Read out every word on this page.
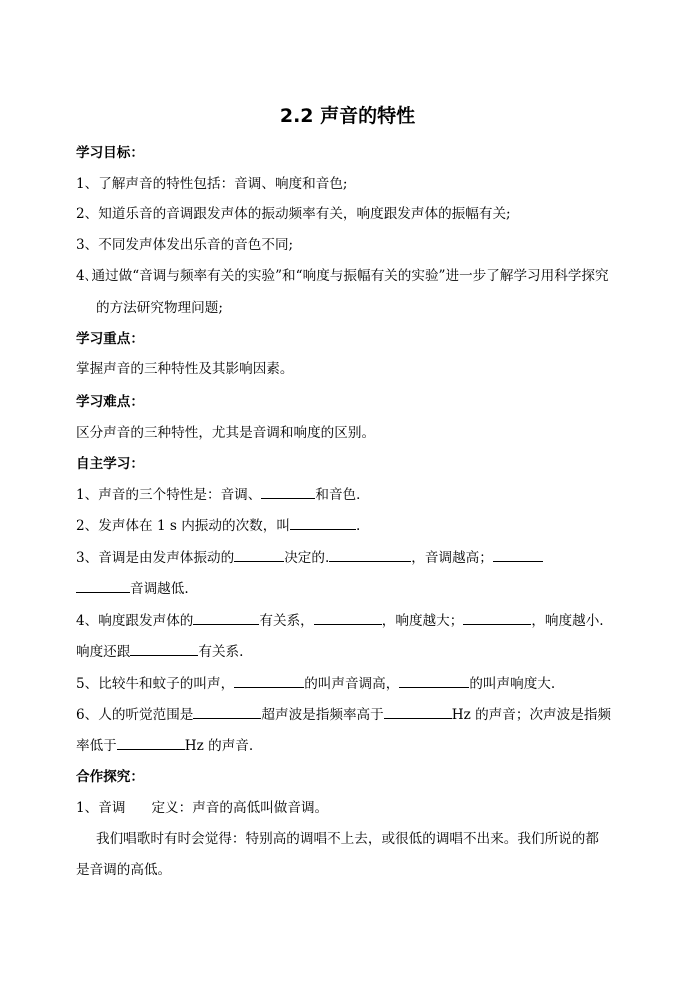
2.2 声音的特性
学习目标：
1、了解声音的特性包括：音调、响度和音色;
2、知道乐音的音调跟发声体的振动频率有关，响度跟发声体的振幅有关;
3、不同发声体发出乐音的音色不同;
4､通过做“音调与频率有关的实验”和“响度与振幅有关的实验”进一步了解学习用科学探究
的方法研究物理问题;
学习重点：
掌握声音的三种特性及其影响因素。
学习难点：
区分声音的三种特性，尤其是音调和响度的区别。
自主学习：
1、声音的三个特性是：音调、	和音色．
2、发声体在 1 s 内振动的次数，叫	.
3、音调是由发声体振动的	决定的.	，音调越高；
音调越低.
4、响度跟发声体的	有关系，	，响度越大；	，响度越小.
响度还跟	有关系.
5、比较牛和蚊子的叫声，	的叫声音调高，	的叫声响度大.
6、人的听觉范围是	超声波是指频率高于	Hz 的声音；次声波是指频
率低于	Hz 的声音.
合作探究：
1、音调 定义：声音的高低叫做音调。
我们唱歌时有时会觉得：特别高的调唱不上去，或很低的调唱不出来。我们所说的都
是音调的高低。
